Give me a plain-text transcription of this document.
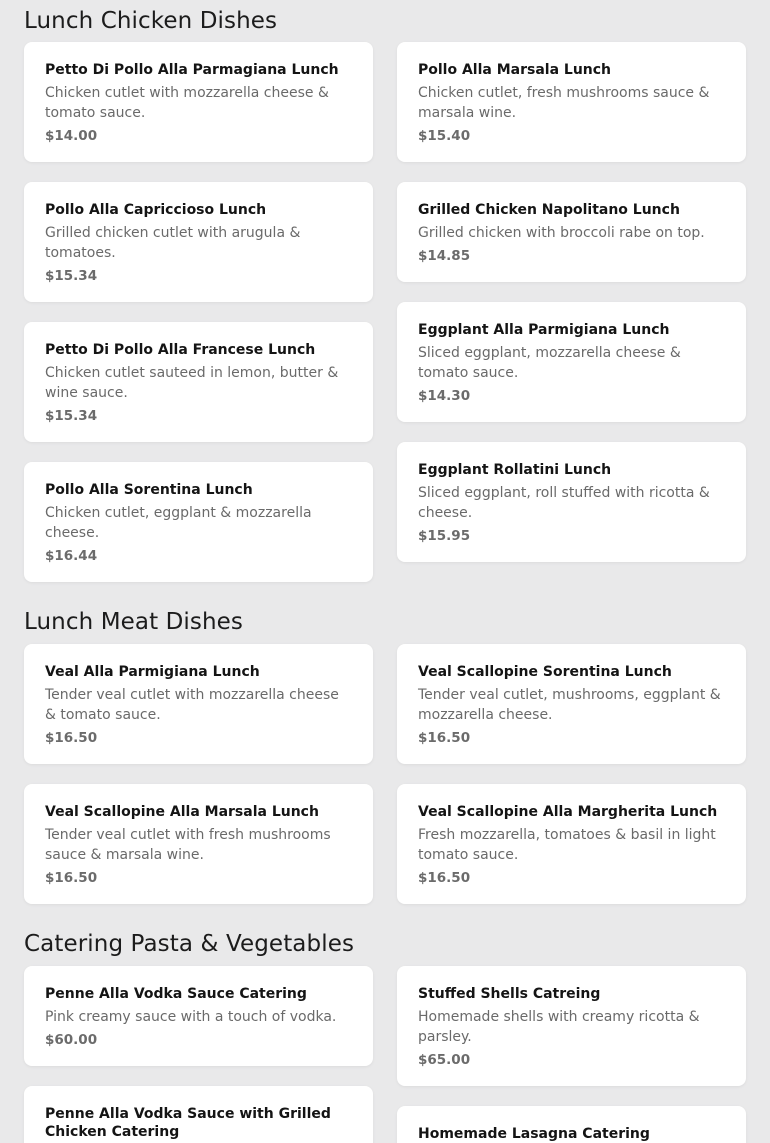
Lunch Chicken Dishes
Petto Di Pollo Alla Parmagiana Lunch
Chicken cutlet with mozzarella cheese & tomato sauce.
$14.00
Pollo Alla Marsala Lunch
Chicken cutlet, fresh mushrooms sauce & marsala wine.
$15.40
Pollo Alla Capriccioso Lunch
Grilled chicken cutlet with arugula & tomatoes.
$15.34
Grilled Chicken Napolitano Lunch
Grilled chicken with broccoli rabe on top.
$14.85
Petto Di Pollo Alla Francese Lunch
Chicken cutlet sauteed in lemon, butter & wine sauce.
$15.34
Eggplant Alla Parmigiana Lunch
Sliced eggplant, mozzarella cheese & tomato sauce.
$14.30
Pollo Alla Sorentina Lunch
Chicken cutlet, eggplant & mozzarella cheese.
$16.44
Eggplant Rollatini Lunch
Sliced eggplant, roll stuffed with ricotta & cheese.
$15.95
Lunch Meat Dishes
Veal Alla Parmigiana Lunch
Tender veal cutlet with mozzarella cheese & tomato sauce.
$16.50
Veal Scallopine Sorentina Lunch
Tender veal cutlet, mushrooms, eggplant & mozzarella cheese.
$16.50
Veal Scallopine Alla Marsala Lunch
Tender veal cutlet with fresh mushrooms sauce & marsala wine.
$16.50
Veal Scallopine Alla Margherita Lunch
Fresh mozzarella, tomatoes & basil in light tomato sauce.
$16.50
Catering Pasta & Vegetables
Penne Alla Vodka Sauce Catering
Pink creamy sauce with a touch of vodka.
$60.00
Stuffed Shells Catreing
Homemade shells with creamy ricotta & parsley.
$65.00
Penne Alla Vodka Sauce with Grilled Chicken Catering	Homemade Lasagna Catering
